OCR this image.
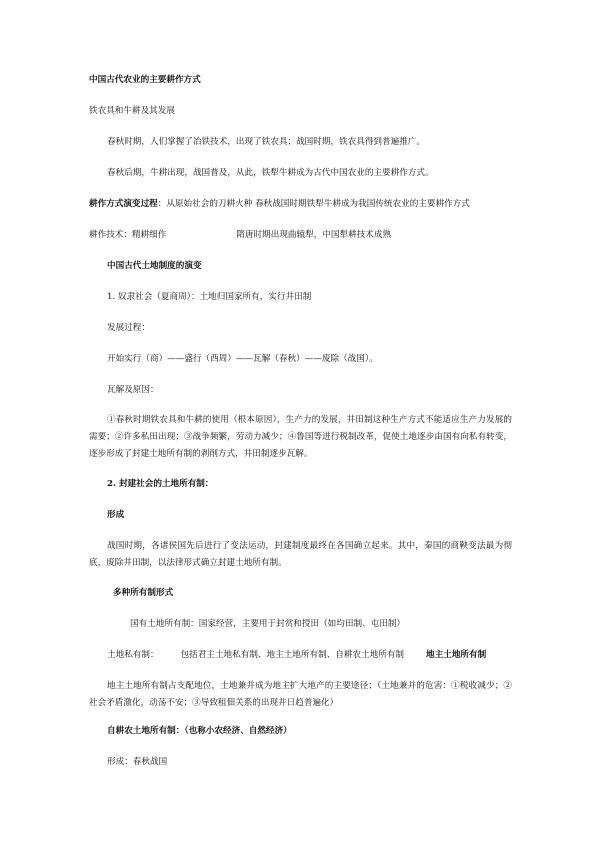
中国古代农业的主要耕作方式
铁农具和牛耕及其发展
春秋时期，人们掌握了冶铁技术，出现了铁农具；战国时期，铁农具得到普遍推广。
春秋后期，牛耕出现，战国普及，从此，铁犁牛耕成为古代中国农业的主要耕作方式。
耕作方式演变过程：从原始社会的刀耕火种 春秋战国时期铁犁牛耕成为我国传统农业的主要耕作方式
耕作技术：精耕细作	隋唐时期出现曲辕犁，中国犁耕技术成熟
中国古代土地制度的演变
1. 奴隶社会（夏商周）：土地归国家所有，实行井田制
发展过程：
开始实行（商）——盛行（西周）——瓦解（春秋）——废除（战国）。
瓦解及原因：
①春秋时期铁农具和牛耕的使用（根本原因），生产力的发展，井田制这种生产方式不能适应生产力发展的需要；②许多私田出现；③战争频繁，劳动力减少；④鲁国等进行税制改革，促使土地逐步由国有向私有转变，逐步形成了封建土地所有制的剥削方式，井田制逐步瓦解。
2. 封建社会的土地所有制：
形成
战国时期，各诸侯国先后进行了变法运动，封建制度最终在各国确立起来。其中，秦国的商鞅变法最为彻底，废除井田制，以法律形式确立封建土地所有制。
多种所有制形式
国有土地所有制：国家经营，主要用于封赏和授田（如均田制、屯田制）
土地私有制：	包括君主土地私有制、地主土地所有制、自耕农土地所有制	地主土地所有制
地主土地所有制占支配地位，土地兼并成为地主扩大地产的主要途径；（土地兼并的危害：①税收减少；②社会矛盾激化，动荡不安；③导致租佃关系的出现并日趋普遍化）
自耕农土地所有制：（也称小农经济、自然经济）
形成：春秋战国
